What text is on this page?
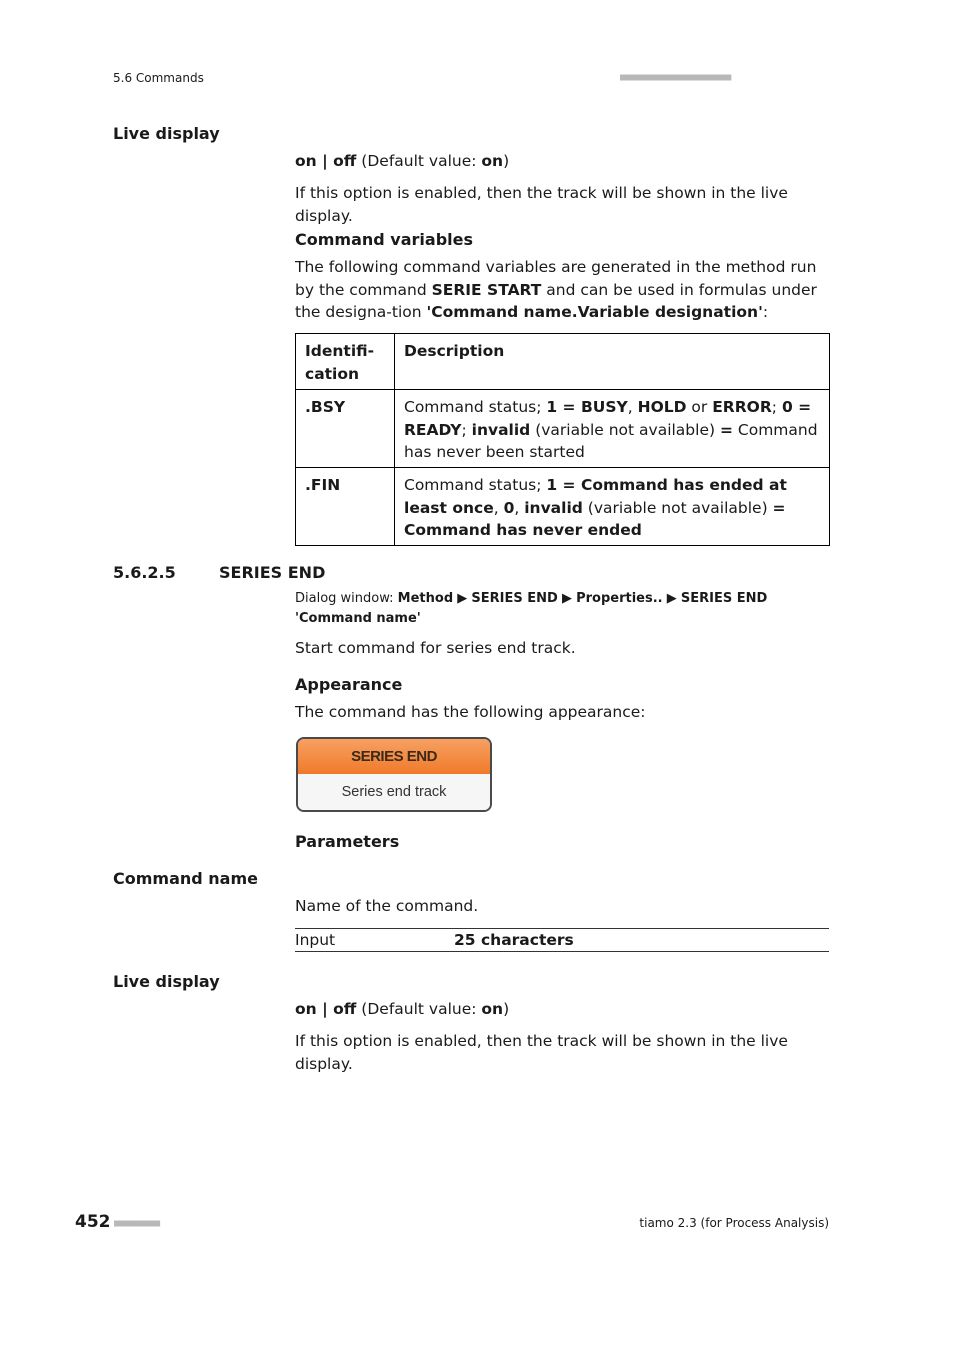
5.6 Commands	■■■■■■■■■■■■■■■■■■■■■■
Live display
on | off (Default value: on)
If this option is enabled, then the track will be shown in the live display.
Command variables
The following command variables are generated in the method run by the command SERIE START and can be used in formulas under the designa-tion 'Command name.Variable designation':
Identifi-cation	Description
.BSY	Command status; 1 = BUSY, HOLD or ERROR; 0 = READY; invalid (variable not available) = Command has never been started
.FIN	Command status; 1 = Command has ended at least once, 0, invalid (variable not available) = Command has never ended
5.6.2.5	SERIES END
Dialog window: Method ▶ SERIES END ▶ Properties.. ▶ SERIES END 'Command name'
Start command for series end track.
Appearance
The command has the following appearance:
SERIES END
Series end track
Parameters
Command name
Name of the command.
Input	25 characters
Live display
on | off (Default value: on)
If this option is enabled, then the track will be shown in the live display.
452 ■■■■■■■■■	tiamo 2.3 (for Process Analysis)
